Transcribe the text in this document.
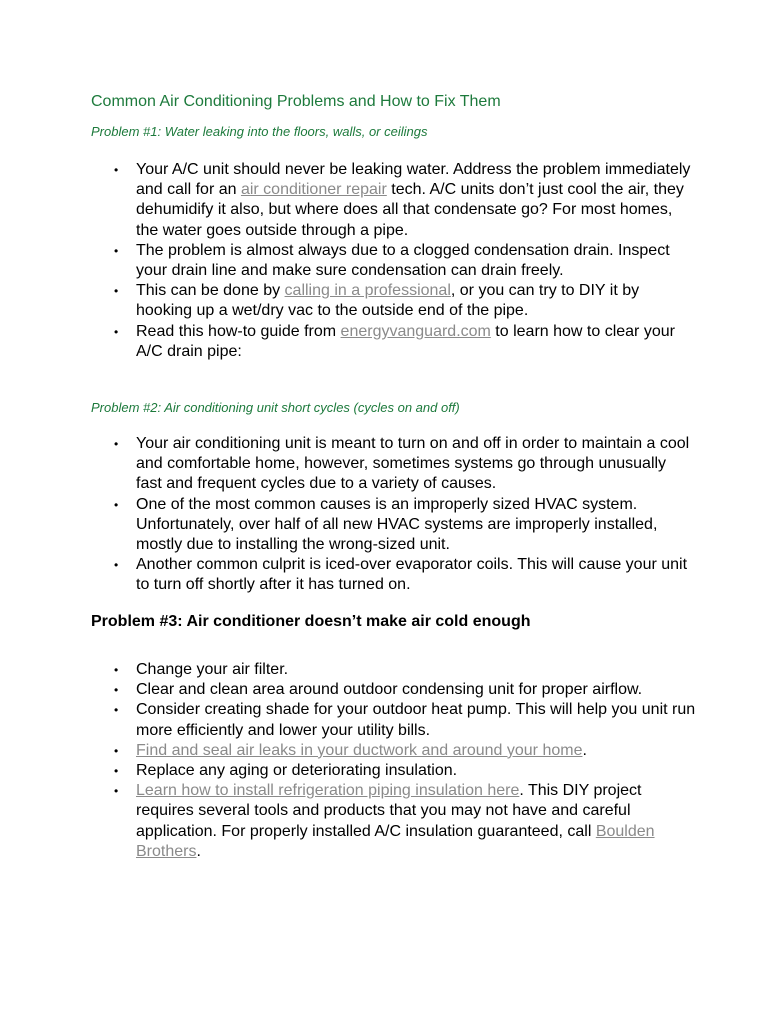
Common Air Conditioning Problems and How to Fix Them
Problem #1: Water leaking into the floors, walls, or ceilings
• Your A/C unit should never be leaking water. Address the problem immediately and call for an air conditioner repair tech. A/C units don’t just cool the air, they dehumidify it also, but where does all that condensate go? For most homes, the water goes outside through a pipe.
• The problem is almost always due to a clogged condensation drain. Inspect your drain line and make sure condensation can drain freely.
• This can be done by calling in a professional, or you can try to DIY it by hooking up a wet/dry vac to the outside end of the pipe.
• Read this how-to guide from energyvanguard.com to learn how to clear your A/C drain pipe:
Problem #2: Air conditioning unit short cycles (cycles on and off)
• Your air conditioning unit is meant to turn on and off in order to maintain a cool and comfortable home, however, sometimes systems go through unusually fast and frequent cycles due to a variety of causes.
• One of the most common causes is an improperly sized HVAC system. Unfortunately, over half of all new HVAC systems are improperly installed, mostly due to installing the wrong-sized unit.
• Another common culprit is iced-over evaporator coils. This will cause your unit to turn off shortly after it has turned on.
Problem #3: Air conditioner doesn’t make air cold enough
• Change your air filter.
• Clear and clean area around outdoor condensing unit for proper airflow.
• Consider creating shade for your outdoor heat pump. This will help you unit run more efficiently and lower your utility bills.
• Find and seal air leaks in your ductwork and around your home.
• Replace any aging or deteriorating insulation.
• Learn how to install refrigeration piping insulation here. This DIY project requires several tools and products that you may not have and careful application. For properly installed A/C insulation guaranteed, call Boulden Brothers.
